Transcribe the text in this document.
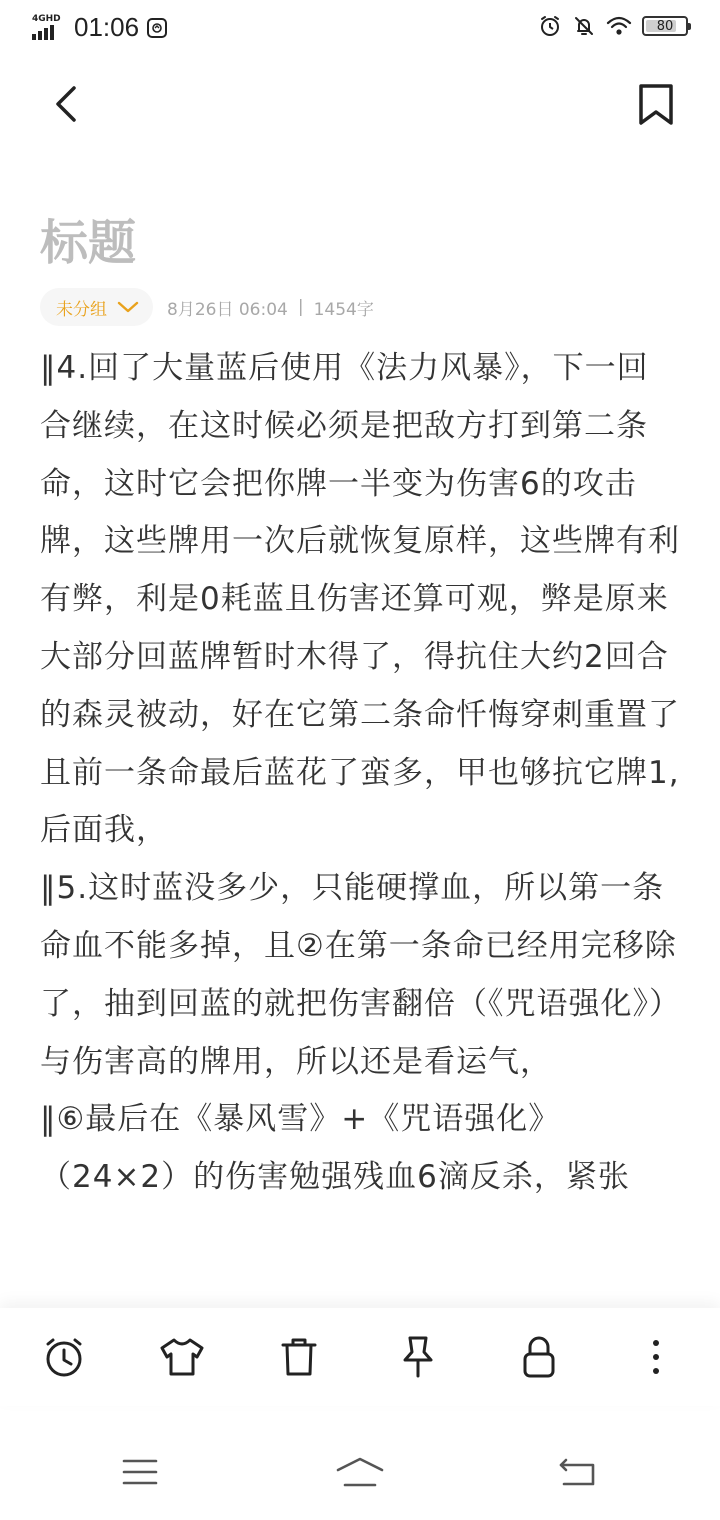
4GHD 01:06	80
标题
未分组	8月26日 06:04 | 1454字

‖4.回了大量蓝后使用《法力风暴》，下一回合继续，在这时候必须是把敌方打到第二条命，这时它会把你牌一半变为伤害6的攻击牌，这些牌用一次后就恢复原样，这些牌有利有弊，利是0耗蓝且伤害还算可观，弊是原来大部分回蓝牌暂时木得了，得抗住大约2回合的森灵被动，好在它第二条命忏悔穿刺重置了且前一条命最后蓝花了蛮多，甲也够抗它牌1,后面我，

‖5.这时蓝没多少，只能硬撑血，所以第一条命血不能多掉，且②在第一条命已经用完移除了，抽到回蓝的就把伤害翻倍（《咒语强化》）与伤害高的牌用，所以还是看运气，

‖⑥最后在《暴风雪》+《咒语强化》（24×2）的伤害勉强残血6滴反杀，紧张
